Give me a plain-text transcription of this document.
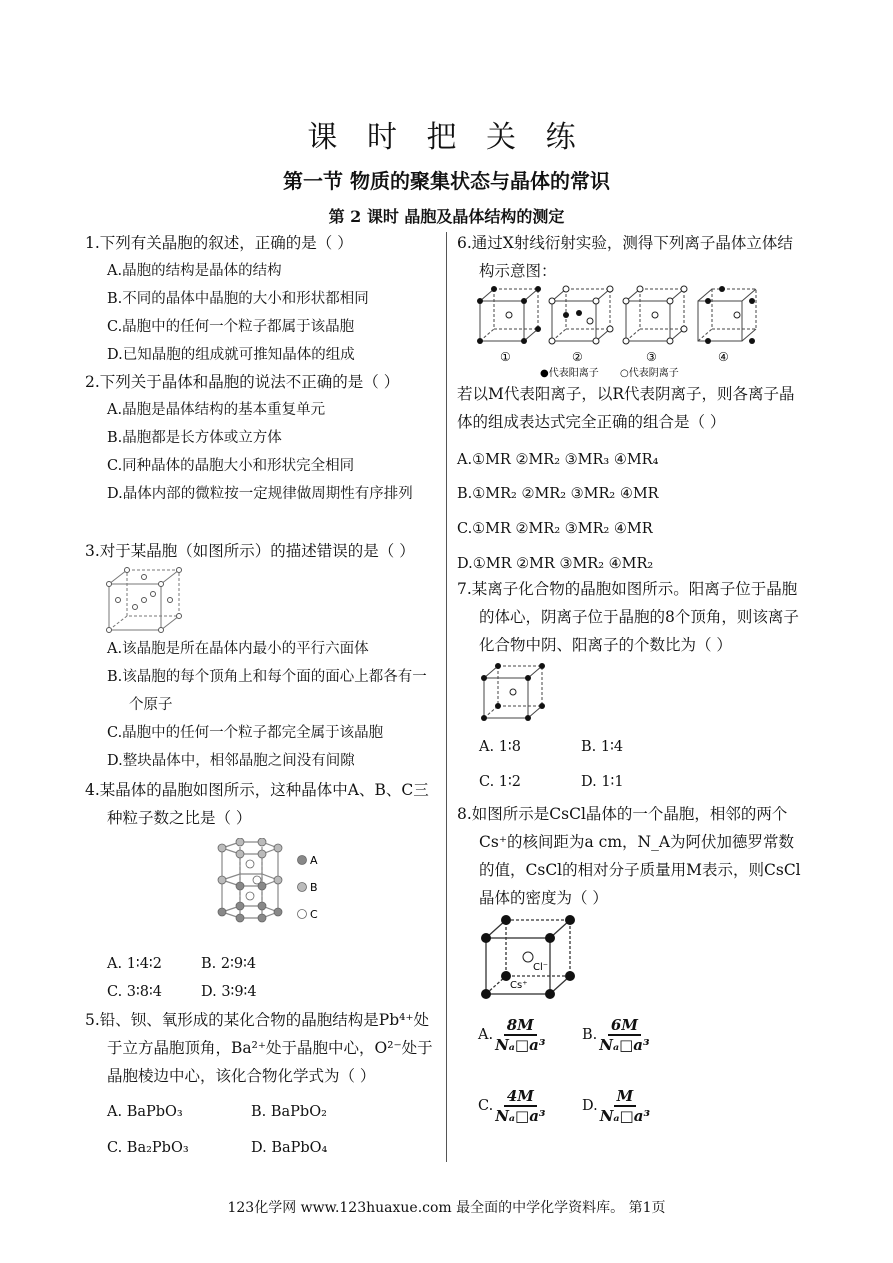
课 时 把 关 练
第一节 物质的聚集状态与晶体的常识
第 2 课时 晶胞及晶体结构的测定
1.下列有关晶胞的叙述，正确的是（ ）
A.晶胞的结构是晶体的结构
B.不同的晶体中晶胞的大小和形状都相同
C.晶胞中的任何一个粒子都属于该晶胞
D.已知晶胞的组成就可推知晶体的组成
2.下列关于晶体和晶胞的说法不正确的是（ ）
A.晶胞是晶体结构的基本重复单元
B.晶胞都是长方体或立方体
C.同种晶体的晶胞大小和形状完全相同
D.晶体内部的微粒按一定规律做周期性有序排列
3.对于某晶胞（如图所示）的描述错误的是（ ）
A.该晶胞是所在晶体内最小的平行六面体
B.该晶胞的每个顶角上和每个面的面心上都各有一个原子
C.晶胞中的任何一个粒子都完全属于该晶胞
D.整块晶体中，相邻晶胞之间没有间隙
4.某晶体的晶胞如图所示，这种晶体中A、B、C三种粒子数之比是（ ）
A
B
C
A. 1∶4∶2	B. 2∶9∶4
C. 3∶8∶4	D. 3∶9∶4
5.铅、钡、氧形成的某化合物的晶胞结构是Pb⁴⁺处于立方晶胞顶角，Ba²⁺处于晶胞中心，O²⁻处于晶胞棱边中心，该化合物化学式为（ ）
A. BaPbO₃	B. BaPbO₂
C. Ba₂PbO₃	D. BaPbO₄
6.通过X射线衍射实验，测得下列离子晶体立体结构示意图：
①	②	③	④
●代表阳离子 ○代表阴离子
若以M代表阳离子，以R代表阴离子，则各离子晶体的组成表达式完全正确的组合是（ ）
A.①MR ②MR₂ ③MR₃ ④MR₄
B.①MR₂ ②MR₂ ③MR₂ ④MR
C.①MR ②MR₂ ③MR₂ ④MR
D.①MR ②MR ③MR₂ ④MR₂
7.某离子化合物的晶胞如图所示。阳离子位于晶胞的体心，阴离子位于晶胞的8个顶角，则该离子化合物中阴、阳离子的个数比为（ ）
A. 1∶8	B. 1∶4
C. 1∶2	D. 1∶1
8.如图所示是CsCl晶体的一个晶胞，相邻的两个Cs⁺的核间距为a cm，N_A为阿伏加德罗常数的值，CsCl的相对分子质量用M表示，则CsCl晶体的密度为（ ）
Cl⁻
Cs⁺
A. $\frac{8M}{\text{Nₐ□a³}} B$. $\frac{6M}{\text{Nₐ□a³}}$
C. $\frac{4M}{\text{Nₐ□a³}} D$. $\frac{M}{\text{Nₐ□a³}}$
123化学网 www.123huaxue.com 最全面的中学化学资料库。 第1页
